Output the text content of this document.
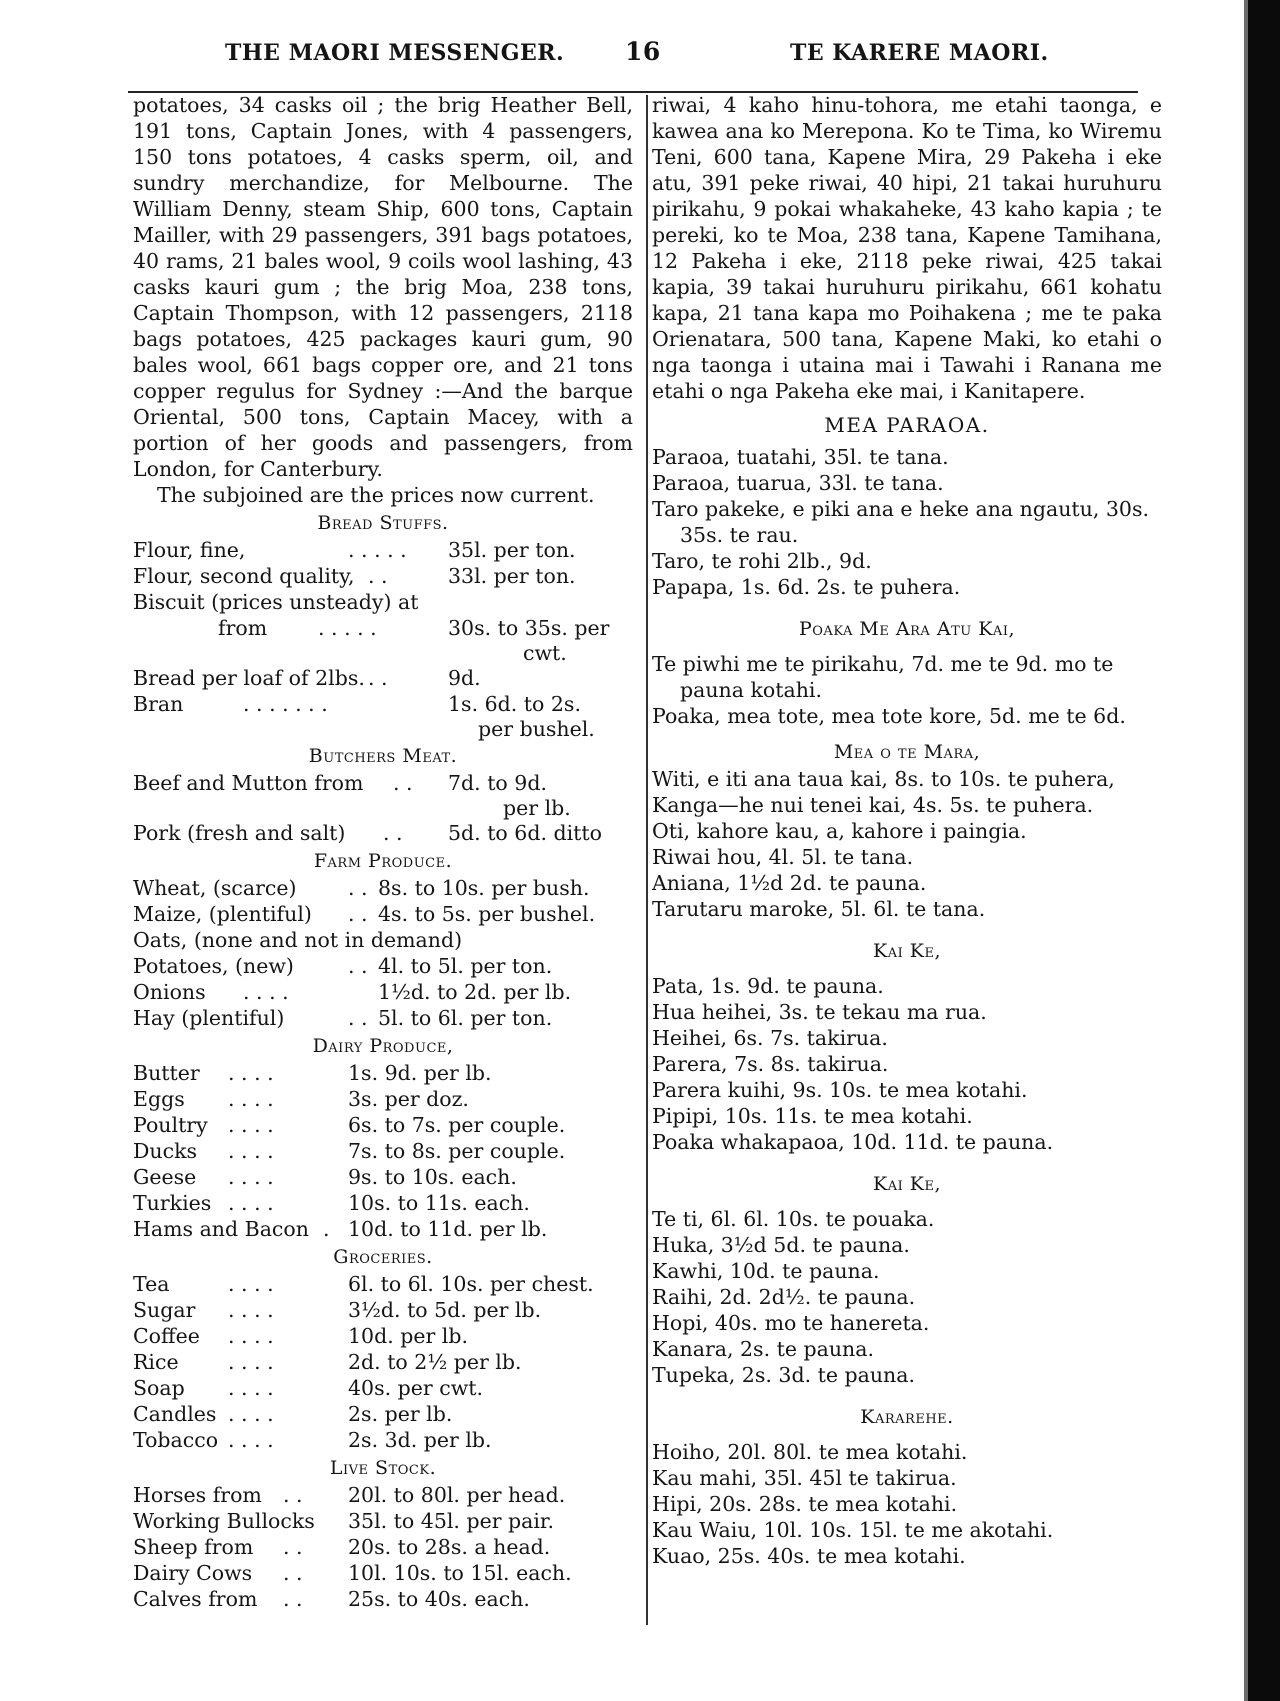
THE MAORI MESSENGER. 16	TE KARERE MAORI.

potatoes, 34 casks oil ; the brig Heather Bell, 191 tons, Captain Jones, with 4 passengers, 150 tons potatoes, 4 casks sperm, oil, and sundry merchandize, for Melbourne. The William Denny, steam Ship, 600 tons, Captain Mailler, with 29 passengers, 391 bags potatoes, 40 rams, 21 bales wool, 9 coils wool lashing, 43 casks kauri gum ; the brig Moa, 238 tons, Captain Thompson, with 12 passengers, 2118 bags potatoes, 425 packages kauri gum, 90 bales wool, 661 bags copper ore, and 21 tons copper regulus for Sydney :—And the barque Oriental, 500 tons, Captain Macey, with a portion of her goods and passengers, from London, for Canterbury.

The subjoined are the prices now current.

Bread Stuffs.
Flour, fine,	. . . . .	35l. per ton.
Flour, second quality, . .	33l. per ton.
Biscuit (prices unsteady) at
from	. . . . .	30s. to 35s. per
cwt.
Bread per loaf of 2lbs. . .	9d.
Bran	. . . . . . .	1s. 6d. to 2s.
per bushel.
Butchers Meat.
Beef and Mutton from	. .	7d. to 9d.
per lb.
Pork (fresh and salt)	. .	5d. to 6d. ditto
Farm Produce.
Wheat, (scarce)	. . 8s. to 10s. per bush.
Maize, (plentiful)	. . 4s. to 5s. per bushel.
Oats, (none and not in demand)
Potatoes, (new)	. . 4l. to 5l. per ton.
Onions	. . . .	1½d. to 2d. per lb.
Hay (plentiful)	. . 5l. to 6l. per ton.
Dairy Produce,
Butter	. . . .	1s. 9d. per lb.
Eggs	. . . .	3s. per doz.
Poultry . . . .	6s. to 7s. per couple.
Ducks	. . . .	7s. to 8s. per couple.
Geese	. . . .	9s. to 10s. each.
Turkies . . . .	10s. to 11s. each.
Hams and Bacon . 10d. to 11d. per lb.
Groceries.
Tea	. . . .	6l. to 6l. 10s. per chest.
Sugar	. . . .	3½d. to 5d. per lb.
Coffee	. . . .	10d. per lb.
Rice	. . . .	2d. to 2½ per lb.
Soap	. . . .	40s. per cwt.
Candles . . . .	2s. per lb.
Tobacco . . . .	2s. 3d. per lb.
Live Stock.
Horses from	. .	20l. to 80l. per head.
Working Bullocks	35l. to 45l. per pair.
Sheep from	. .	20s. to 28s. a head.
Dairy Cows	. .	10l. 10s. to 15l. each.
Calves from	. .	25s. to 40s. each.

riwai, 4 kaho hinu-tohora, me etahi taonga, e kawea ana ko Merepona. Ko te Tima, ko Wiremu Teni, 600 tana, Kapene Mira, 29 Pakeha i eke atu, 391 peke riwai, 40 hipi, 21 takai huruhuru pirikahu, 9 pokai whakaheke, 43 kaho kapia ; te pereki, ko te Moa, 238 tana, Kapene Tamihana, 12 Pakeha i eke, 2118 peke riwai, 425 takai kapia, 39 takai huruhuru pirikahu, 661 kohatu kapa, 21 tana kapa mo Poihakena ; me te paka Orienatara, 500 tana, Kapene Maki, ko etahi o nga taonga i utaina mai i Tawahi i Ranana me etahi o nga Pakeha eke mai, i Kanitapere.

MEA PARAOA.

Paraoa, tuatahi, 35l. te tana.

Paraoa, tuarua, 33l. te tana.

Taro pakeke, e piki ana e heke ana ngautu, 30s. 35s. te rau.

Taro, te rohi 2lb., 9d.

Papapa, 1s. 6d. 2s. te puhera.

Poaka Me Ara Atu Kai,

Te piwhi me te pirikahu, 7d. me te 9d. mo te pauna kotahi.

Poaka, mea tote, mea tote kore, 5d. me te 6d.

Mea o te Mara,

Witi, e iti ana taua kai, 8s. to 10s. te puhera,

Kanga—he nui tenei kai, 4s. 5s. te puhera.

Oti, kahore kau, a, kahore i paingia.

Riwai hou, 4l. 5l. te tana.

Aniana, 1½d 2d. te pauna.

Tarutaru maroke, 5l. 6l. te tana.

Kai Ke,

Pata, 1s. 9d. te pauna.

Hua heihei, 3s. te tekau ma rua.

Heihei, 6s. 7s. takirua.

Parera, 7s. 8s. takirua.

Parera kuihi, 9s. 10s. te mea kotahi.

Pipipi, 10s. 11s. te mea kotahi.

Poaka whakapaoa, 10d. 11d. te pauna.

Kai Ke,

Te ti, 6l. 6l. 10s. te pouaka.

Huka, 3½d 5d. te pauna.

Kawhi, 10d. te pauna.

Raihi, 2d. 2d½. te pauna.

Hopi, 40s. mo te hanereta.

Kanara, 2s. te pauna.

Tupeka, 2s. 3d. te pauna.

Kararehe.

Hoiho, 20l. 80l. te mea kotahi.

Kau mahi, 35l. 45l te takirua.

Hipi, 20s. 28s. te mea kotahi.

Kau Waiu, 10l. 10s. 15l. te me akotahi.

Kuao, 25s. 40s. te mea kotahi.
